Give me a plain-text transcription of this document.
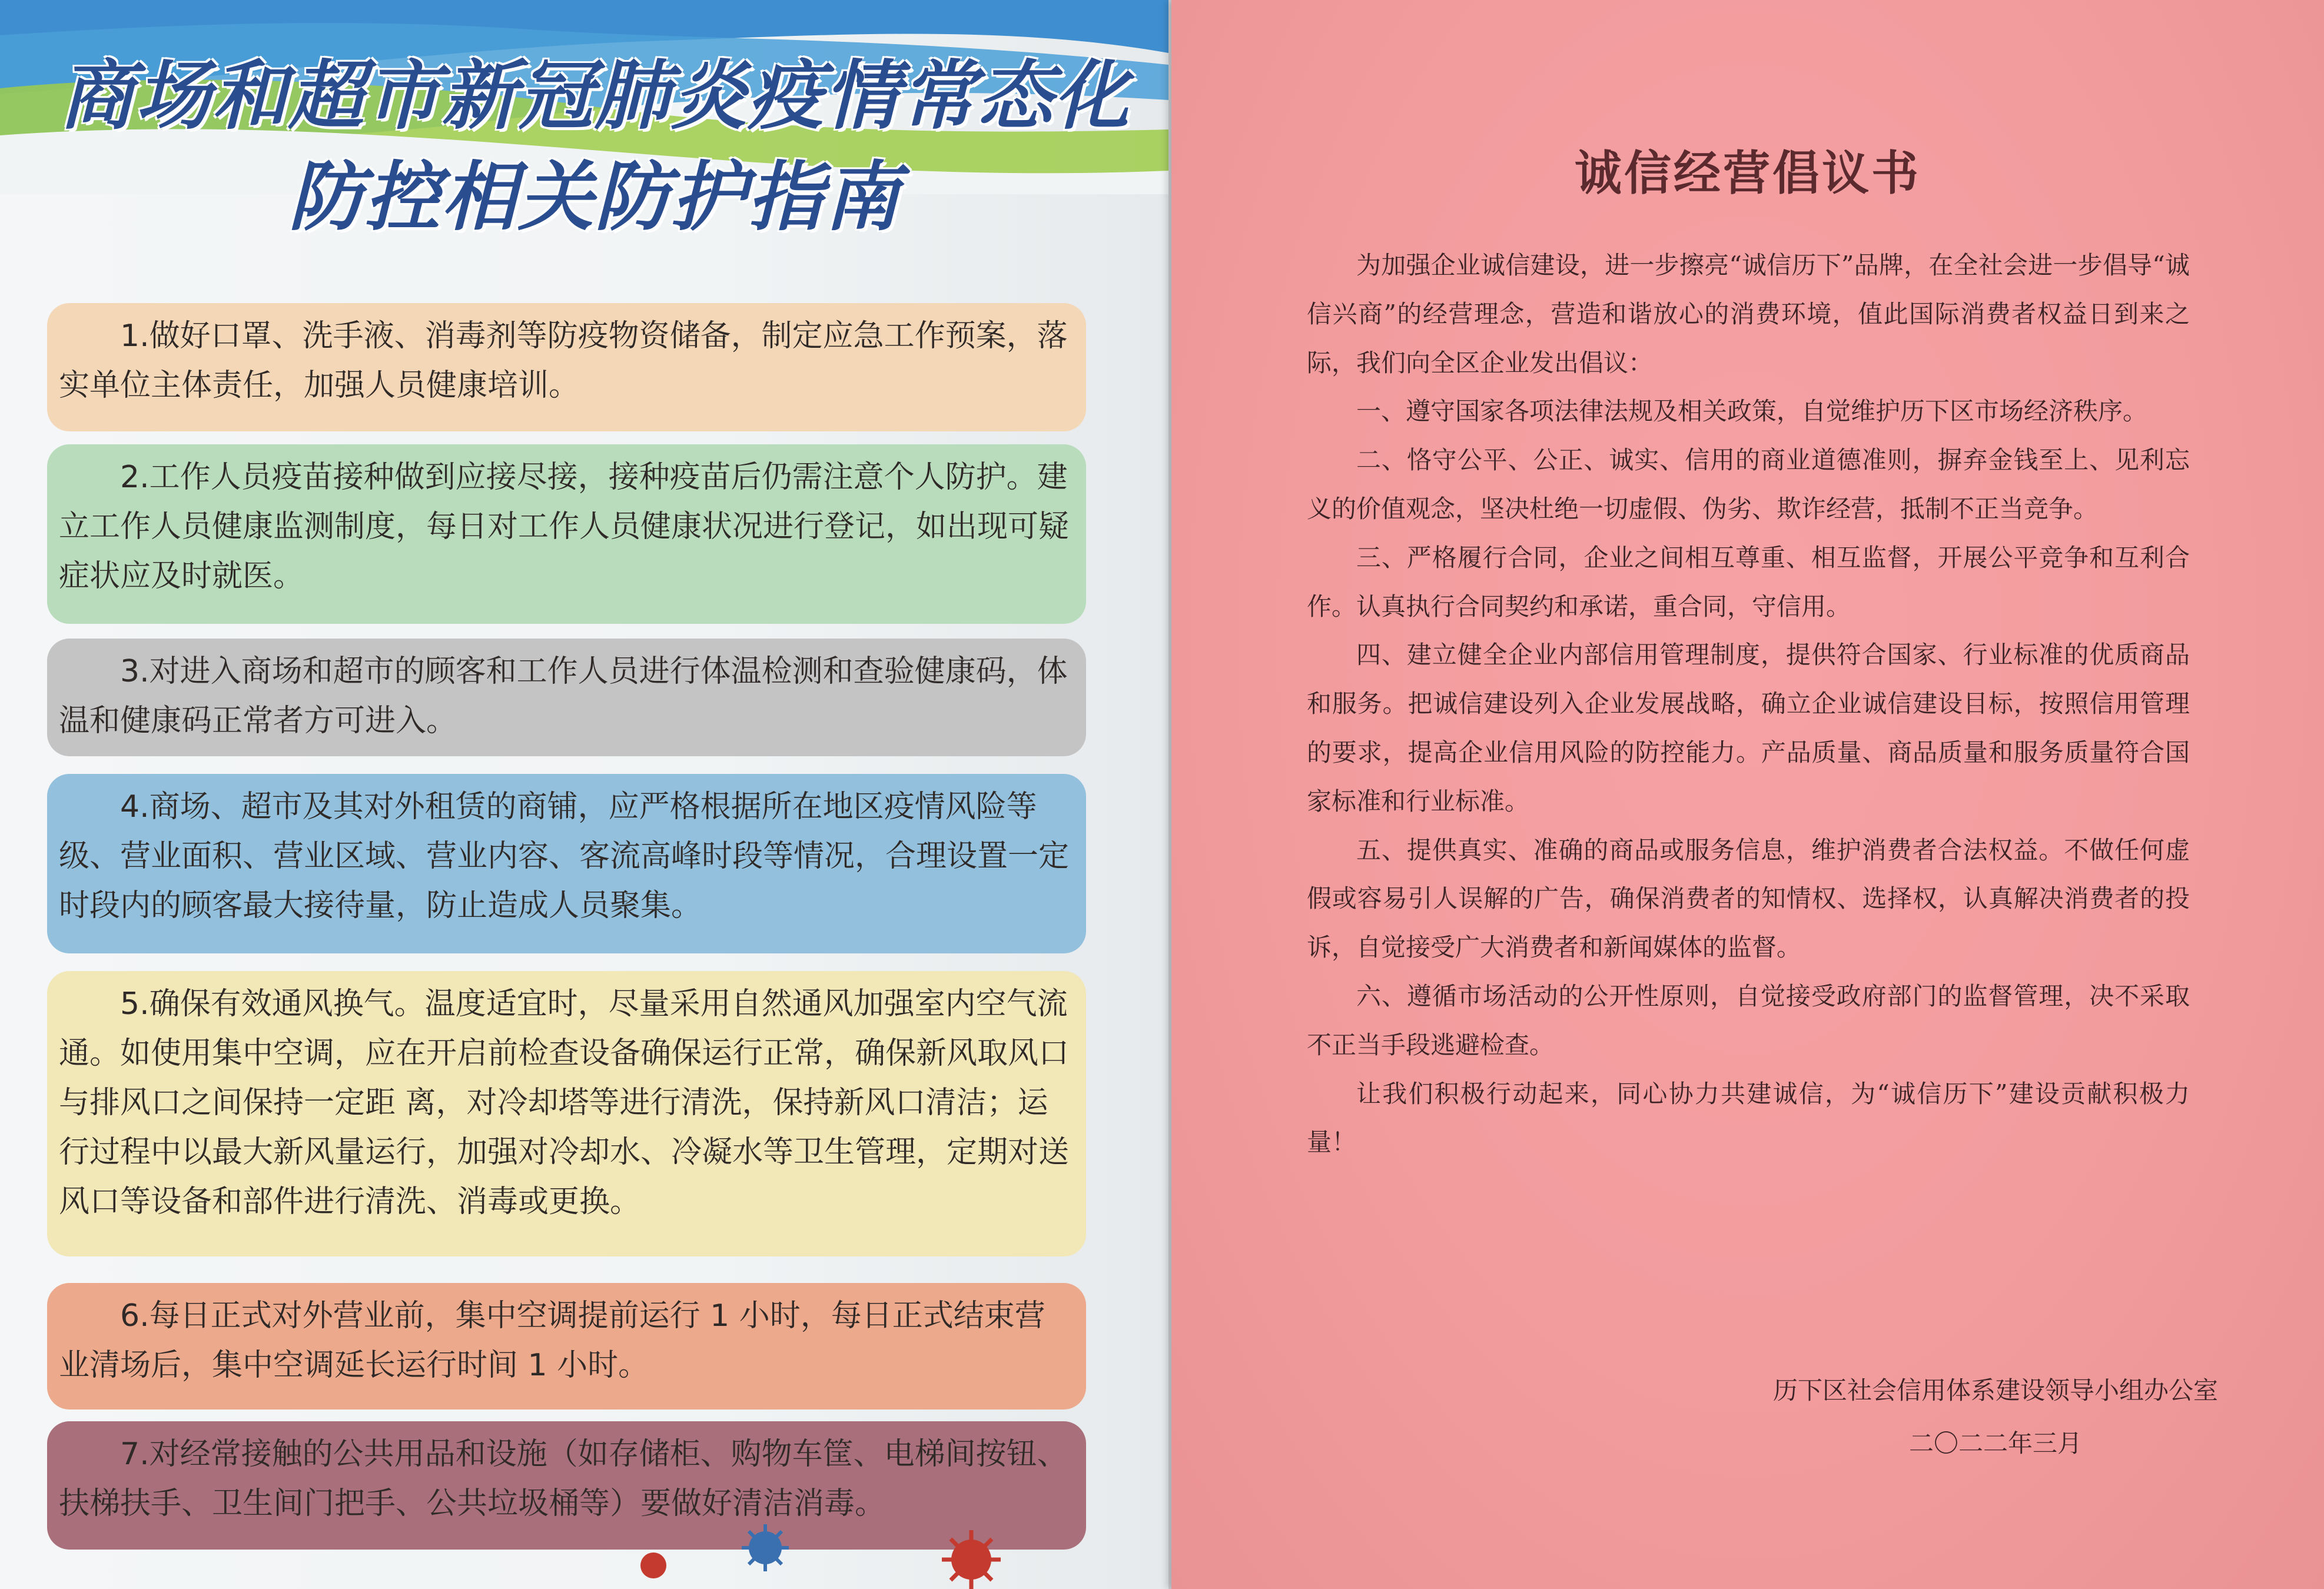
商场和超市新冠肺炎疫情常态化
防控相关防护指南

1.做好口罩、洗手液、消毒剂等防疫物资储备，制定应急工作预案，落实单位主体责任，加强人员健康培训。

2.工作人员疫苗接种做到应接尽接，接种疫苗后仍需注意个人防护。建立工作人员健康监测制度，每日对工作人员健康状况进行登记，如出现可疑症状应及时就医。

3.对进入商场和超市的顾客和工作人员进行体温检测和查验健康码，体温和健康码正常者方可进入。

4.商场、超市及其对外租赁的商铺，应严格根据所在地区疫情风险等级、营业面积、营业区域、营业内容、客流高峰时段等情况，合理设置一定时段内的顾客最大接待量，防止造成人员聚集。

5.确保有效通风换气。温度适宜时，尽量采用自然通风加强室内空气流通。如使用集中空调，应在开启前检查设备确保运行正常，确保新风取风口与排风口之间保持一定距 离，对冷却塔等进行清洗，保持新风口清洁；运行过程中以最大新风量运行，加强对冷却水、冷凝水等卫生管理，定期对送风口等设备和部件进行清洗、消毒或更换。

6.每日正式对外营业前，集中空调提前运行 1 小时，每日正式结束营业清场后，集中空调延长运行时间 1 小时。

7.对经常接触的公共用品和设施（如存储柜、购物车筐、电梯间按钮、扶梯扶手、卫生间门把手、公共垃圾桶等）要做好清洁消毒。

诚信经营倡议书

为加强企业诚信建设，进一步擦亮“诚信历下”品牌，在全社会进一步倡导“诚信兴商”的经营理念，营造和谐放心的消费环境，值此国际消费者权益日到来之际，我们向全区企业发出倡议：

一、遵守国家各项法律法规及相关政策，自觉维护历下区市场经济秩序。

二、恪守公平、公正、诚实、信用的商业道德准则，摒弃金钱至上、见利忘义的价值观念，坚决杜绝一切虚假、伪劣、欺诈经营，抵制不正当竞争。

三、严格履行合同，企业之间相互尊重、相互监督，开展公平竞争和互利合作。认真执行合同契约和承诺，重合同，守信用。

四、建立健全企业内部信用管理制度，提供符合国家、行业标准的优质商品和服务。把诚信建设列入企业发展战略，确立企业诚信建设目标，按照信用管理的要求，提高企业信用风险的防控能力。产品质量、商品质量和服务质量符合国家标准和行业标准。

五、提供真实、准确的商品或服务信息，维护消费者合法权益。不做任何虚假或容易引人误解的广告，确保消费者的知情权、选择权，认真解决消费者的投诉，自觉接受广大消费者和新闻媒体的监督。

六、遵循市场活动的公开性原则，自觉接受政府部门的监督管理，决不采取不正当手段逃避检查。

让我们积极行动起来，同心协力共建诚信，为“诚信历下”建设贡献积极力量！

历下区社会信用体系建设领导小组办公室
二〇二二年三月
